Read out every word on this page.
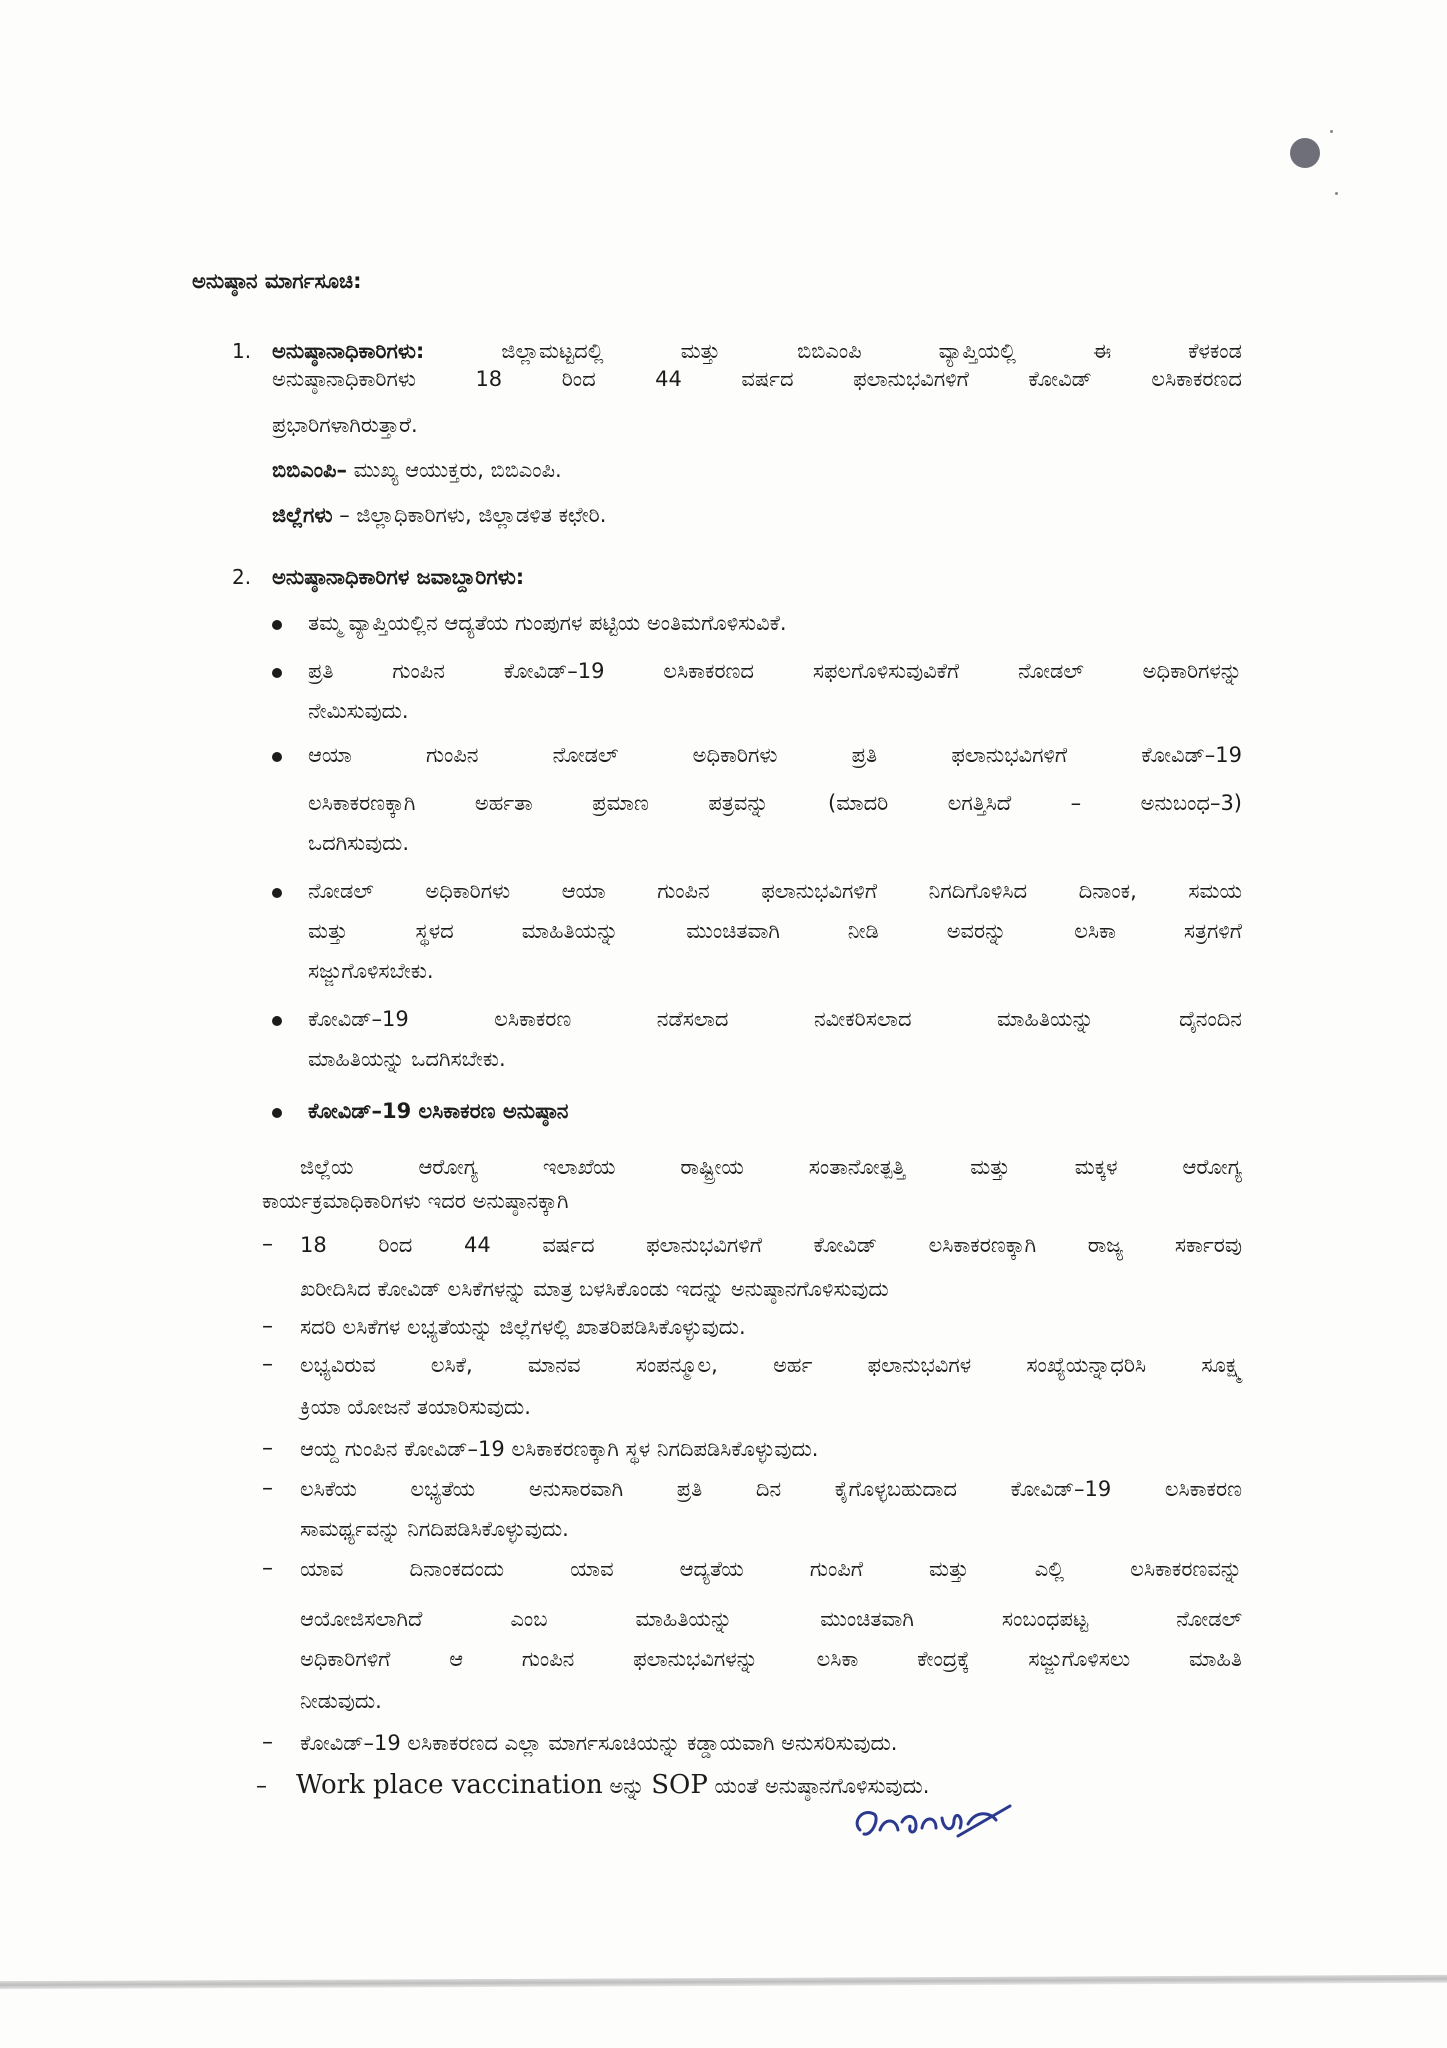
ಅನುಷ್ಠಾನ ಮಾರ್ಗಸೂಚಿ:
1. ಅನುಷ್ಠಾನಾಧಿಕಾರಿಗಳು:	ಜಿಲ್ಲಾಮಟ್ಟದಲ್ಲಿ ಮತ್ತು ಬಿಬಿಎಂಪಿ ವ್ಯಾಪ್ತಿಯಲ್ಲಿ ಈ ಕೆಳಕಂಡ
ಅನುಷ್ಠಾನಾಧಿಕಾರಿಗಳು 18 ರಿಂದ 44 ವರ್ಷದ ಫಲಾನುಭವಿಗಳಿಗೆ ಕೋವಿಡ್ ಲಸಿಕಾಕರಣದ
ಪ್ರಭಾರಿಗಳಾಗಿರುತ್ತಾರೆ.
ಬಿಬಿಎಂಪಿ– ಮುಖ್ಯ ಆಯುಕ್ತರು, ಬಿಬಿಎಂಪಿ.
ಜಿಲ್ಲೆಗಳು – ಜಿಲ್ಲಾಧಿಕಾರಿಗಳು, ಜಿಲ್ಲಾಡಳಿತ ಕಛೇರಿ.
2. ಅನುಷ್ಠಾನಾಧಿಕಾರಿಗಳ ಜವಾಬ್ದಾರಿಗಳು:
ತಮ್ಮ ವ್ಯಾಪ್ತಿಯಲ್ಲಿನ ಆದ್ಯತೆಯ ಗುಂಪುಗಳ ಪಟ್ಟಿಯ ಅಂತಿಮಗೊಳಿಸುವಿಕೆ.
ಪ್ರತಿ ಗುಂಪಿನ ಕೋವಿಡ್–19 ಲಸಿಕಾಕರಣದ ಸಫಲಗೊಳಿಸುವುವಿಕೆಗೆ ನೋಡಲ್ ಅಧಿಕಾರಿಗಳನ್ನು
ನೇಮಿಸುವುದು.
ಆಯಾ ಗುಂಪಿನ ನೋಡಲ್ ಅಧಿಕಾರಿಗಳು ಪ್ರತಿ ಫಲಾನುಭವಿಗಳಿಗೆ ಕೋವಿಡ್–19
ಲಸಿಕಾಕರಣಕ್ಕಾಗಿ ಅರ್ಹತಾ ಪ್ರಮಾಣ ಪತ್ರವನ್ನು (ಮಾದರಿ ಲಗತ್ತಿಸಿದೆ – ಅನುಬಂಧ–3)
ಒದಗಿಸುವುದು.
ನೋಡಲ್ ಅಧಿಕಾರಿಗಳು ಆಯಾ ಗುಂಪಿನ ಫಲಾನುಭವಿಗಳಿಗೆ ನಿಗದಿಗೊಳಿಸಿದ ದಿನಾಂಕ, ಸಮಯ
ಮತ್ತು ಸ್ಥಳದ ಮಾಹಿತಿಯನ್ನು ಮುಂಚಿತವಾಗಿ ನೀಡಿ ಅವರನ್ನು ಲಸಿಕಾ ಸತ್ರಗಳಿಗೆ
ಸಜ್ಜುಗೊಳಿಸಬೇಕು.
ಕೋವಿಡ್–19 ಲಸಿಕಾಕರಣ ನಡೆಸಲಾದ ನವೀಕರಿಸಲಾದ ಮಾಹಿತಿಯನ್ನು ದೈನಂದಿನ
ಮಾಹಿತಿಯನ್ನು ಒದಗಿಸಬೇಕು.
ಕೋವಿಡ್–19 ಲಸಿಕಾಕರಣ ಅನುಷ್ಠಾನ
ಜಿಲ್ಲೆಯ ಆರೋಗ್ಯ ಇಲಾಖೆಯ ರಾಷ್ಟ್ರೀಯ ಸಂತಾನೋತ್ಪತ್ತಿ ಮತ್ತು ಮಕ್ಕಳ ಆರೋಗ್ಯ
ಕಾರ್ಯಕ್ರಮಾಧಿಕಾರಿಗಳು ಇದರ ಅನುಷ್ಠಾನಕ್ಕಾಗಿ
– 18 ರಿಂದ 44 ವರ್ಷದ ಫಲಾನುಭವಿಗಳಿಗೆ ಕೋವಿಡ್ ಲಸಿಕಾಕರಣಕ್ಕಾಗಿ ರಾಜ್ಯ ಸರ್ಕಾರವು
ಖರೀದಿಸಿದ ಕೋವಿಡ್ ಲಸಿಕೆಗಳನ್ನು ಮಾತ್ರ ಬಳಸಿಕೊಂಡು ಇದನ್ನು ಅನುಷ್ಠಾನಗೊಳಿಸುವುದು
– ಸದರಿ ಲಸಿಕೆಗಳ ಲಭ್ಯತೆಯನ್ನು ಜಿಲ್ಲೆಗಳಲ್ಲಿ ಖಾತರಿಪಡಿಸಿಕೊಳ್ಳುವುದು.
– ಲಭ್ಯವಿರುವ ಲಸಿಕೆ, ಮಾನವ ಸಂಪನ್ಮೂಲ, ಅರ್ಹ ಫಲಾನುಭವಿಗಳ ಸಂಖ್ಯೆಯನ್ನಾಧರಿಸಿ ಸೂಕ್ಷ್ಮ
ಕ್ರಿಯಾ ಯೋಜನೆ ತಯಾರಿಸುವುದು.
– ಆಯ್ದ ಗುಂಪಿನ ಕೋವಿಡ್–19 ಲಸಿಕಾಕರಣಕ್ಕಾಗಿ ಸ್ಥಳ ನಿಗದಿಪಡಿಸಿಕೊಳ್ಳುವುದು.
– ಲಸಿಕೆಯ ಲಭ್ಯತೆಯ ಅನುಸಾರವಾಗಿ ಪ್ರತಿ ದಿನ ಕೈಗೊಳ್ಳಬಹುದಾದ ಕೋವಿಡ್–19 ಲಸಿಕಾಕರಣ
ಸಾಮರ್ಥ್ಯವನ್ನು ನಿಗದಿಪಡಿಸಿಕೊಳ್ಳುವುದು.
– ಯಾವ ದಿನಾಂಕದಂದು ಯಾವ ಆದ್ಯತೆಯ ಗುಂಪಿಗೆ ಮತ್ತು ಎಲ್ಲಿ ಲಸಿಕಾಕರಣವನ್ನು
ಆಯೋಜಿಸಲಾಗಿದೆ ಎಂಬ ಮಾಹಿತಿಯನ್ನು ಮುಂಚಿತವಾಗಿ ಸಂಬಂಧಪಟ್ಟ ನೋಡಲ್
ಅಧಿಕಾರಿಗಳಿಗೆ ಆ ಗುಂಪಿನ ಫಲಾನುಭವಿಗಳನ್ನು ಲಸಿಕಾ ಕೇಂದ್ರಕ್ಕೆ ಸಜ್ಜುಗೊಳಿಸಲು ಮಾಹಿತಿ
ನೀಡುವುದು.
– ಕೋವಿಡ್–19 ಲಸಿಕಾಕರಣದ ಎಲ್ಲಾ ಮಾರ್ಗಸೂಚಿಯನ್ನು ಕಡ್ಡಾಯವಾಗಿ ಅನುಸರಿಸುವುದು.
– Work place vaccination ಅನ್ನು SOP ಯಂತೆ ಅನುಷ್ಠಾನಗೊಳಿಸುವುದು.
